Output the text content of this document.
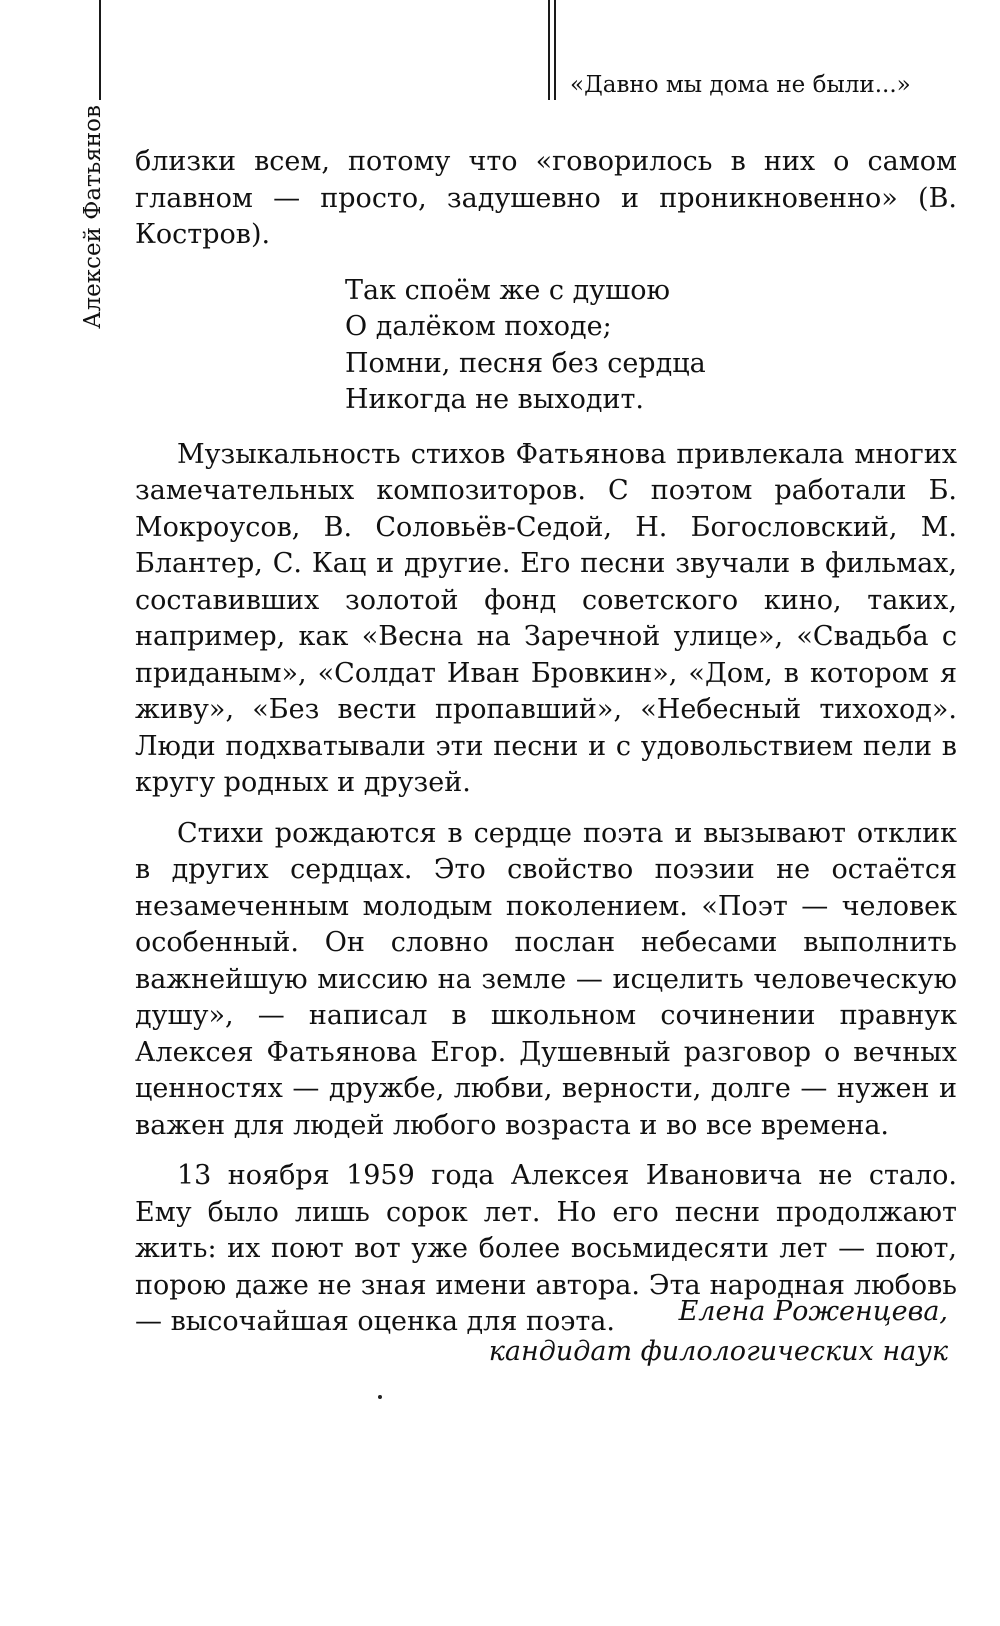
«Давно мы дома не были...»
Алексей Фатьянов близки всем, потому что «говорилось в них о самом главном — просто, задушевно и проникновенно» (В. Костров).

Так споём же с душою
О далёком походе;
Помни, песня без сердца
Никогда не выходит.

Музыкальность стихов Фатьянова привлекала многих замечательных композиторов. С поэтом работали Б. Мокроусов, В. Соловьёв-Седой, Н. Богословский, М. Блантер, С. Кац и другие. Его песни звучали в фильмах, составивших золотой фонд советского кино, таких, например, как «Весна на Заречной улице», «Свадьба с приданым», «Солдат Иван Бровкин», «Дом, в котором я живу», «Без вести пропавший», «Небесный тихоход». Люди подхватывали эти песни и с удовольствием пели в кругу родных и друзей.

Стихи рождаются в сердце поэта и вызывают отклик в других сердцах. Это свойство поэзии не остаётся незамеченным молодым поколением. «Поэт — человек особенный. Он словно послан небесами выполнить важнейшую миссию на земле — исцелить человеческую душу», — написал в школьном сочинении правнук Алексея Фатьянова Егор. Душевный разговор о вечных ценностях — дружбе, любви, верности, долге — нужен и важен для людей любого возраста и во все времена.

13 ноября 1959 года Алексея Ивановича не стало. Ему было лишь сорок лет. Но его песни продолжают жить: их поют вот уже более восьмидесяти лет — поют, порою даже не зная имени автора. Эта народная любовь — высочайшая оценка для поэта.	Елена Роженцева,
кандидат филологических наук
